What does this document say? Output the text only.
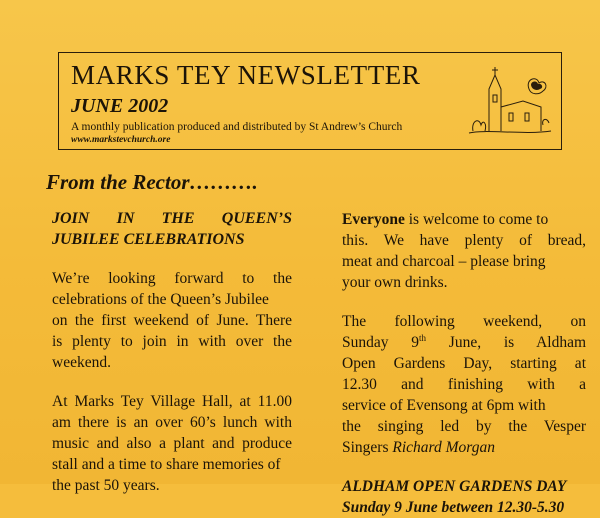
MARKS TEY NEWSLETTER
JUNE 2002
A monthly publication produced and distributed by St Andrew’s Church
www.markstevchurch.ore
From the Rector……….
JOIN IN THE QUEEN’S
JUBILEE CELEBRATIONS

We’re looking forward to the
celebrations of the Queen’s Jubilee
on the first weekend of June. There
is plenty to join in with over the
weekend.

At Marks Tey Village Hall, at 11.00
am there is an over 60’s lunch with
music and also a plant and produce
stall and a time to share memories of
the past 50 years.

Everyone is welcome to come to
this. We have plenty of bread,
meat and charcoal – please bring
your own drinks.

The following weekend, on
Sunday 9th June, is Aldham
Open Gardens Day, starting at
12.30 and finishing with a
service of Evensong at 6pm with
the singing led by the Vesper
Singers Richard Morgan

ALDHAM OPEN GARDENS DAY
Sunday 9 June between 12.30-5.30
